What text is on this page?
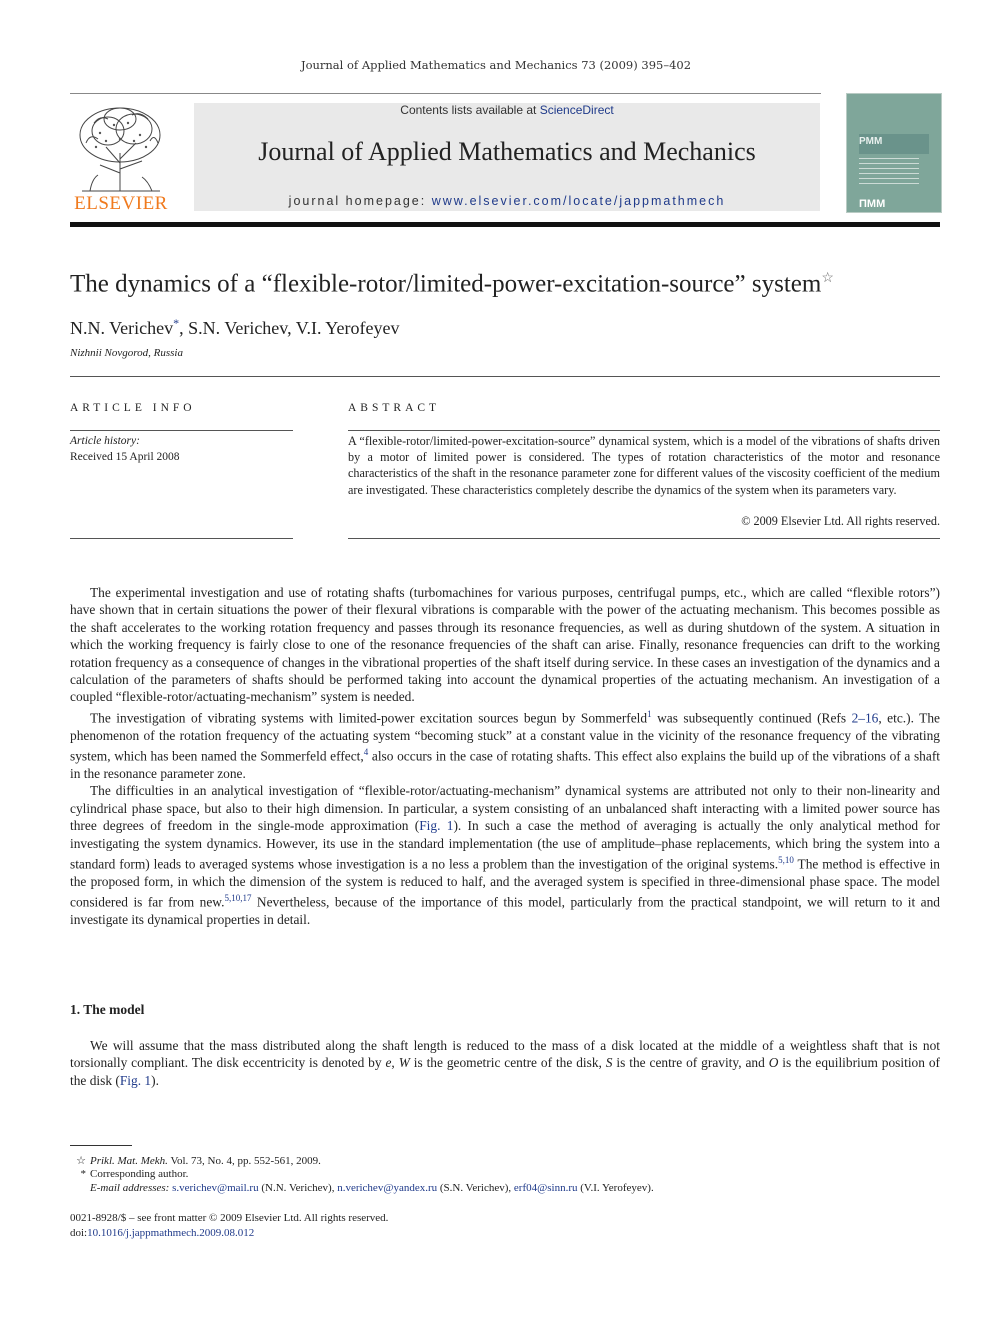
Journal of Applied Mathematics and Mechanics 73 (2009) 395–402
ELSEVIER
Contents lists available at ScienceDirect
Journal of Applied Mathematics and Mechanics
journal homepage: www.elsevier.com/locate/jappmathmech
PMM
ПММ
The dynamics of a “flexible-rotor/limited-power-excitation-source” system☆
N.N. Verichev*, S.N. Verichev, V.I. Yerofeyev
Nizhnii Novgorod, Russia
ARTICLE INFO
Article history:
Received 15 April 2008
ABSTRACT
A “flexible-rotor/limited-power-excitation-source” dynamical system, which is a model of the vibrations of shafts driven by a motor of limited power is considered. The types of rotation characteristics of the motor and resonance characteristics of the shaft in the resonance parameter zone for different values of the viscosity coefficient of the medium are investigated. These characteristics completely describe the dynamics of the system when its parameters vary.
© 2009 Elsevier Ltd. All rights reserved.

The experimental investigation and use of rotating shafts (turbomachines for various purposes, centrifugal pumps, etc., which are called “flexible rotors”) have shown that in certain situations the power of their flexural vibrations is comparable with the power of the actuating mechanism. This becomes possible as the shaft accelerates to the working rotation frequency and passes through its resonance frequencies, as well as during shutdown of the system. A situation in which the working frequency is fairly close to one of the resonance frequencies of the shaft can arise. Finally, resonance frequencies can drift to the working rotation frequency as a consequence of changes in the vibrational properties of the shaft itself during service. In these cases an investigation of the dynamics and a calculation of the parameters of shafts should be performed taking into account the dynamical properties of the actuating mechanism. An investigation of a coupled “flexible-rotor/actuating-mechanism” system is needed.

The investigation of vibrating systems with limited-power excitation sources begun by Sommerfeld$^1$ was subsequently continued (Refs 2–16, etc.). The phenomenon of the rotation frequency of the actuating system “becoming stuck” at a constant value in the vicinity of the resonance frequency of the vibrating system, which has been named the Sommerfeld effect,$^4$ also occurs in the case of rotating shafts. This effect also explains the build up of the vibrations of a shaft in the resonance parameter zone.

The difficulties in an analytical investigation of “flexible-rotor/actuating-mechanism” dynamical systems are attributed not only to their non-linearity and cylindrical phase space, but also to their high dimension. In particular, a system consisting of an unbalanced shaft interacting with a limited power source has three degrees of freedom in the single-mode approximation (Fig. 1). In such a case the method of averaging is actually the only analytical method for investigating the system dynamics. However, its use in the standard implementation (the use of amplitude–phase replacements, which bring the system into a standard form) leads to averaged systems whose investigation is a no less a problem than the investigation of the original systems.$^{5,10}$ The method is effective in the proposed form, in which the dimension of the system is reduced to half, and the averaged system is specified in three-dimensional phase space. The model considered is far from new.$^{5,10,17}$ Nevertheless, because of the importance of this model, particularly from the practical standpoint, we will return to it and investigate its dynamical properties in detail.

1. The model

We will assume that the mass distributed along the shaft length is reduced to the mass of a disk located at the middle of a weightless shaft that is not torsionally compliant. The disk eccentricity is denoted by e, W is the geometric centre of the disk, S is the centre of gravity, and O is the equilibrium position of the disk (Fig. 1).

☆ Prikl. Mat. Mekh. Vol. 73, No. 4, pp. 552-561, 2009.
* Corresponding author.
E-mail addresses: s.verichev@mail.ru (N.N. Verichev), n.verichev@yandex.ru (S.N. Verichev), erf04@sinn.ru (V.I. Yerofeyev).
0021-8928/$ – see front matter © 2009 Elsevier Ltd. All rights reserved.
doi:10.1016/j.jappmathmech.2009.08.012
